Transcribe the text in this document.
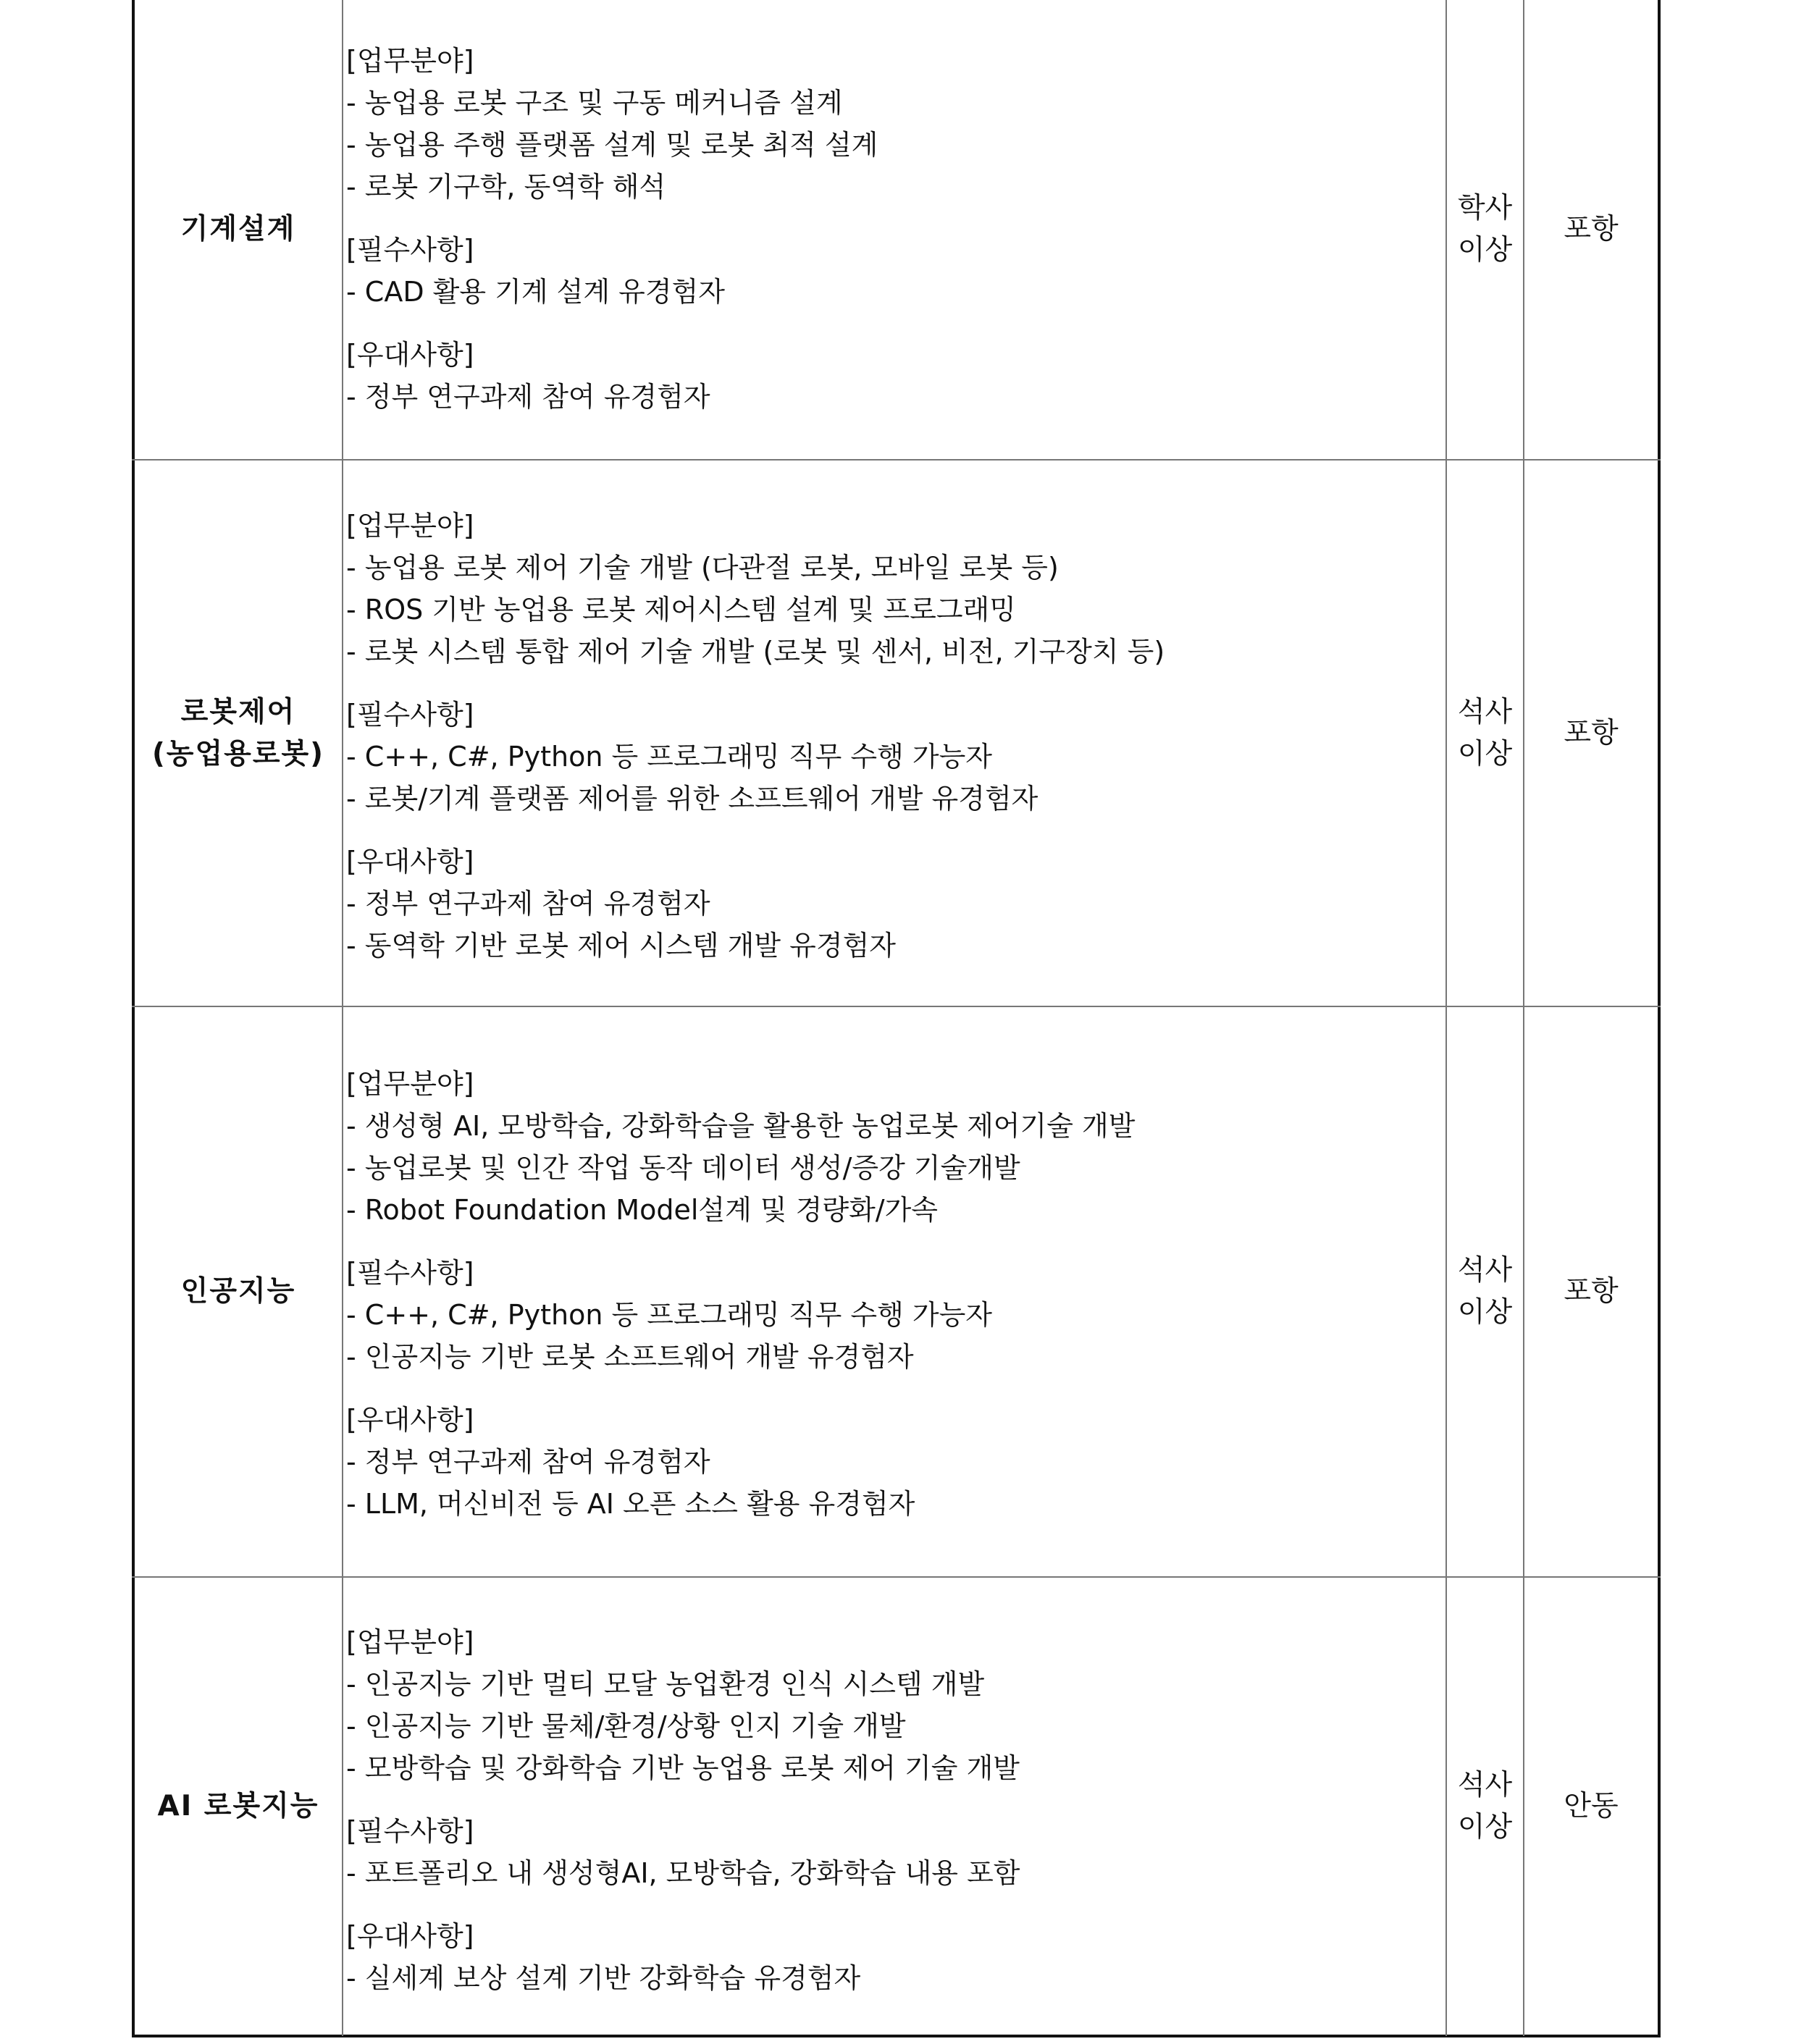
기계설계
[업무분야]
- 농업용 로봇 구조 및 구동 메커니즘 설계
- 농업용 주행 플랫폼 설계 및 로봇 최적 설계
- 로봇 기구학, 동역학 해석
[필수사항]
- CAD 활용 기계 설계 유경험자
[우대사항]
- 정부 연구과제 참여 유경험자
학사
이상
포항
로봇제어
(농업용로봇)
[업무분야]
- 농업용 로봇 제어 기술 개발 (다관절 로봇, 모바일 로봇 등)
- ROS 기반 농업용 로봇 제어시스템 설계 및 프로그래밍
- 로봇 시스템 통합 제어 기술 개발 (로봇 및 센서, 비전, 기구장치 등)
[필수사항]
- C++, C#, Python 등 프로그래밍 직무 수행 가능자
- 로봇/기계 플랫폼 제어를 위한 소프트웨어 개발 유경험자
[우대사항]
- 정부 연구과제 참여 유경험자
- 동역학 기반 로봇 제어 시스템 개발 유경험자
석사
이상
포항
인공지능
[업무분야]
- 생성형 AI, 모방학습, 강화학습을 활용한 농업로봇 제어기술 개발
- 농업로봇 및 인간 작업 동작 데이터 생성/증강 기술개발
- Robot Foundation Model설계 및 경량화/가속
[필수사항]
- C++, C#, Python 등 프로그래밍 직무 수행 가능자
- 인공지능 기반 로봇 소프트웨어 개발 유경험자
[우대사항]
- 정부 연구과제 참여 유경험자
- LLM, 머신비전 등 AI 오픈 소스 활용 유경험자
석사
이상
포항
AI 로봇지능
[업무분야]
- 인공지능 기반 멀티 모달 농업환경 인식 시스템 개발
- 인공지능 기반 물체/환경/상황 인지 기술 개발
- 모방학습 및 강화학습 기반 농업용 로봇 제어 기술 개발
[필수사항]
- 포트폴리오 내 생성형AI, 모방학습, 강화학습 내용 포함
[우대사항]
- 실세계 보상 설계 기반 강화학습 유경험자
석사
이상
안동
